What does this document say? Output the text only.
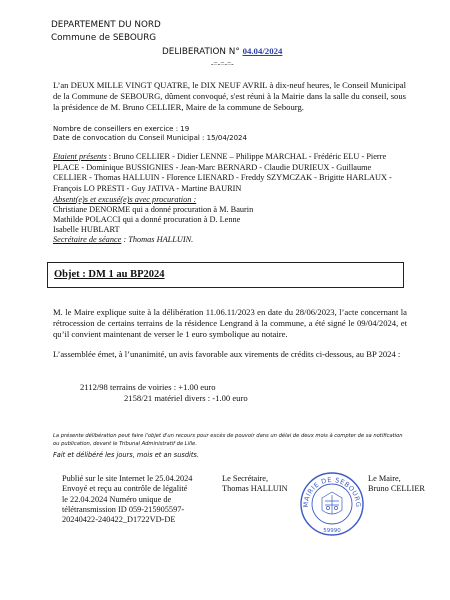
DEPARTEMENT DU NORD
Commune de SEBOURG
DELIBERATION N° 04.04/2024
-=-=-=-
L’an DEUX MILLE VINGT QUATRE, le DIX NEUF AVRIL à dix-neuf heures, le Conseil Municipal de la Commune de SEBOURG, dûment convoqué, s'est réuni à la Mairie dans la salle du conseil, sous la présidence de M. Bruno CELLIER, Maire de la commune de Sebourg.
Nombre de conseillers en exercice : 19
Date de convocation du Conseil Municipal : 15/04/2024
Etaient présents : Bruno CELLIER - Didier LENNE – Philippe MARCHAL - Frédéric ELU - Pierre PLACE - Dominique BUSSIGNIES - Jean-Marc BERNARD - Claudie DURIEUX - Guillaume CELLIER - Thomas HALLUIN - Florence LIENARD - Freddy SZYMCZAK - Brigitte HARLAUX - François LO PRESTI - Guy JATIVA - Martine BAURIN
Absent(e)s et excusé(e)s avec procuration :
Christiane DENORME qui a donné procuration à M. Baurin
Mathilde POLACCI qui a donné procuration à D. Lenne
Isabelle HUBLART
Secrétaire de séance : Thomas HALLUIN.
Objet : DM 1 au BP2024
M. le Maire explique suite à la délibération 11.06.11/2023 en date du 28/06/2023, l’acte concernant la rétrocession de certains terrains de la résidence Lengrand à la commune, a été signé le 09/04/2024, et qu’il convient maintenant de verser le 1 euro symbolique au notaire.
L’assemblée émet, à l’unanimité, un avis favorable aux virements de crédits ci-dessous, au BP 2024 :
2112/98 terrains de voiries : +1.00 euro
2158/21 matériel divers : -1.00 euro
La présente délibération peut faire l'objet d'un recours pour excès de pouvoir dans un délai de deux mois à compter de sa notification ou publication, devant le Tribunal Administratif de Lille.
Fait et délibéré les jours, mois et an susdits.
Publié sur le site Internet le 25.04.2024
Envoyé et reçu au contrôle de légalité
le 22.04.2024 Numéro unique de
télétransmission ID 059-215905597-
20240422-240422_D1722VD-DE
Le Secrétaire,
Thomas HALLUIN
MAIRIE DE SEBOURG
59990
Le Maire,
Bruno CELLIER
